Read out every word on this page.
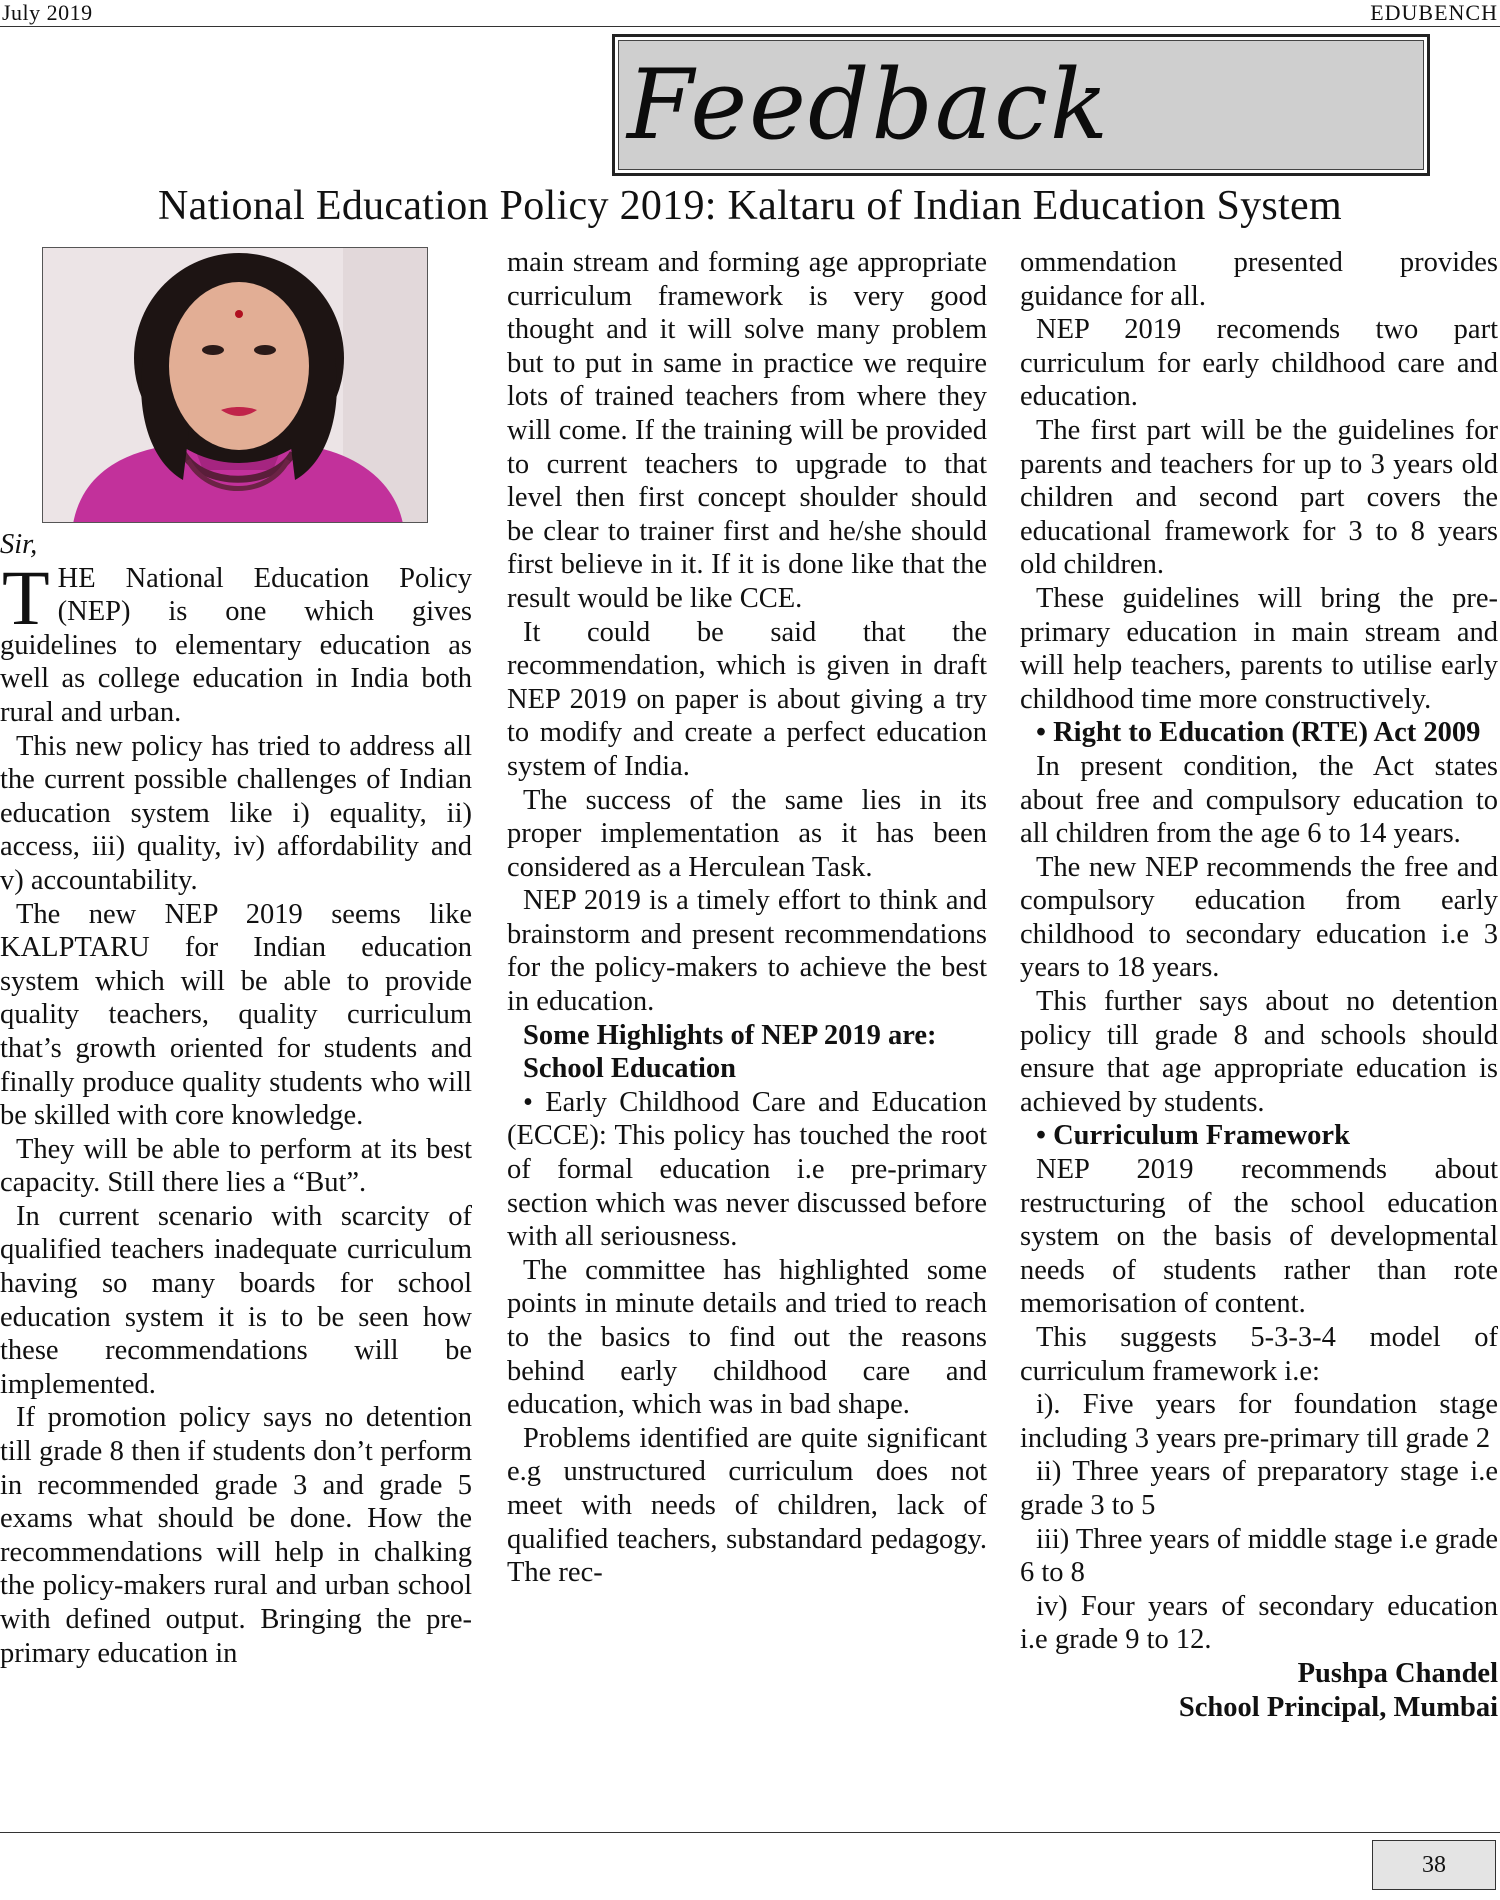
July 2019	EDUBENCH
Feedback
National Education Policy 2019: Kaltaru of Indian Education System

Sir,

THE National Education Policy (NEP) is one which gives guidelines to elementary education as well as college education in India both rural and urban.

This new policy has tried to address all the current possible challenges of Indian education system like i) equality, ii) access, iii) quality, iv) affordability and v) accountability.

The new NEP 2019 seems like KALPTARU for Indian education system which will be able to provide quality teachers, quality curriculum that’s growth oriented for students and finally produce quality students who will be skilled with core knowledge.

They will be able to perform at its best capacity. Still there lies a “But”.

In current scenario with scarcity of qualified teachers inadequate curriculum having so many boards for school education system it is to be seen how these recommendations will be implemented.

If promotion policy says no detention till grade 8 then if students don’t perform in recommended grade 3 and grade 5 exams what should be done. How the recommendations will help in chalking the policy-makers rural and urban school with defined output. Bringing the pre-primary education in

main stream and forming age appropriate curriculum framework is very good thought and it will solve many problem but to put in same in practice we require lots of trained teachers from where they will come. If the training will be provided to current teachers to upgrade to that level then first concept shoulder should be clear to trainer first and he/she should first believe in it. If it is done like that the result would be like CCE.

It could be said that the recommendation, which is given in draft NEP 2019 on paper is about giving a try to modify and create a perfect education system of India.

The success of the same lies in its proper implementation as it has been considered as a Herculean Task.

NEP 2019 is a timely effort to think and brainstorm and present recommendations for the policy-makers to achieve the best in education.

Some Highlights of NEP 2019 are:

School Education

• Early Childhood Care and Education (ECCE): This policy has touched the root of formal education i.e pre-primary section which was never discussed before with all seriousness.

The committee has highlighted some points in minute details and tried to reach to the basics to find out the reasons behind early childhood care and education, which was in bad shape.

Problems identified are quite significant e.g unstructured curriculum does not meet with needs of children, lack of qualified teachers, substandard pedagogy. The rec-

ommendation presented provides guidance for all.

NEP 2019 recomends two part curriculum for early childhood care and education.

The first part will be the guidelines for parents and teachers for up to 3 years old children and second part covers the educational framework for 3 to 8 years old children.

These guidelines will bring the pre-primary education in main stream and will help teachers, parents to utilise early childhood time more constructively.

• Right to Education (RTE) Act 2009

In present condition, the Act states about free and compulsory education to all children from the age 6 to 14 years.

The new NEP recommends the free and compulsory education from early childhood to secondary education i.e 3 years to 18 years.

This further says about no detention policy till grade 8 and schools should ensure that age appropriate education is achieved by students.

• Curriculum Framework

NEP 2019 recommends about restructuring of the school education system on the basis of developmental needs of students rather than rote memorisation of content.

This suggests 5-3-3-4 model of curriculum framework i.e:

i). Five years for foundation stage including 3 years pre-primary till grade 2

ii) Three years of preparatory stage i.e grade 3 to 5

iii) Three years of middle stage i.e grade 6 to 8

iv) Four years of secondary education i.e grade 9 to 12.

Pushpa Chandel

School Principal, Mumbai

38
